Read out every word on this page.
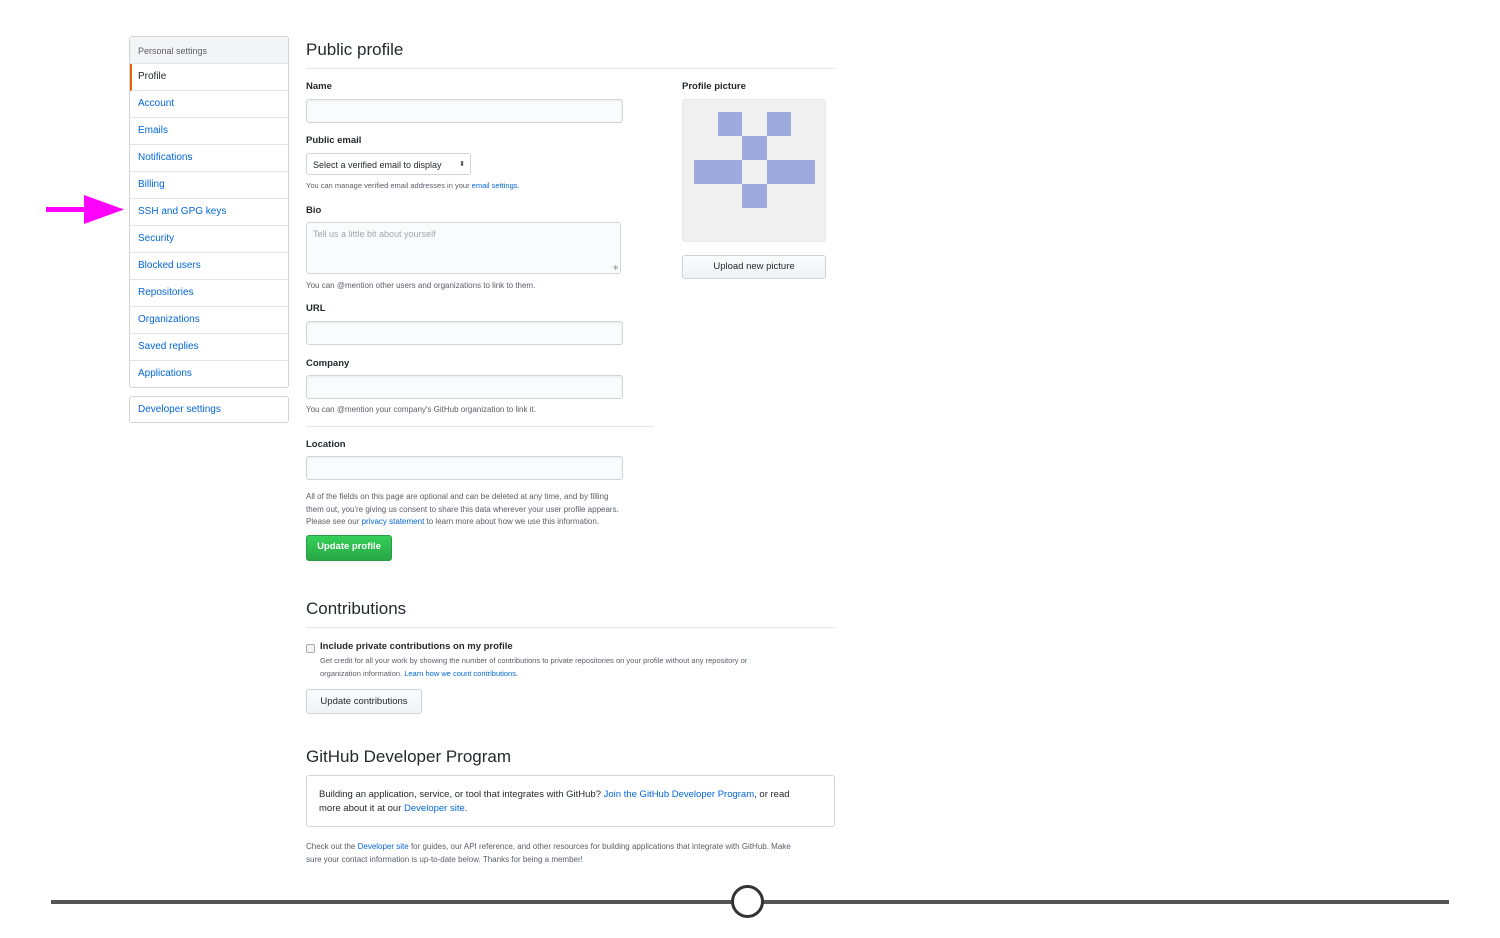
Personal settings
Profile
Account
Emails
Notifications
Billing
SSH and GPG keys
Security
Blocked users
Repositories
Organizations
Saved replies
Applications
Developer settings
Public profile
Name
Public email
Select a verified email to display	⬍
You can manage verified email addresses in your email settings.
Bio
Tell us a little bit about yourself
∗
You can @mention other users and organizations to link to them.
URL
Company
You can @mention your company's GitHub organization to link it.
Location
All of the fields on this page are optional and can be deleted at any time, and by filling
them out, you're giving us consent to share this data wherever your user profile appears.
Please see our privacy statement to learn more about how we use this information.
Update profile
Profile picture
Upload new picture
Contributions
Include private contributions on my profile
Get credit for all your work by showing the number of contributions to private repositories on your profile without any repository or
organization information. Learn how we count contributions.
Update contributions
GitHub Developer Program
Building an application, service, or tool that integrates with GitHub? Join the GitHub Developer Program, or read
more about it at our Developer site.
Check out the Developer site for guides, our API reference, and other resources for building applications that integrate with GitHub. Make
sure your contact information is up-to-date below. Thanks for being a member!
